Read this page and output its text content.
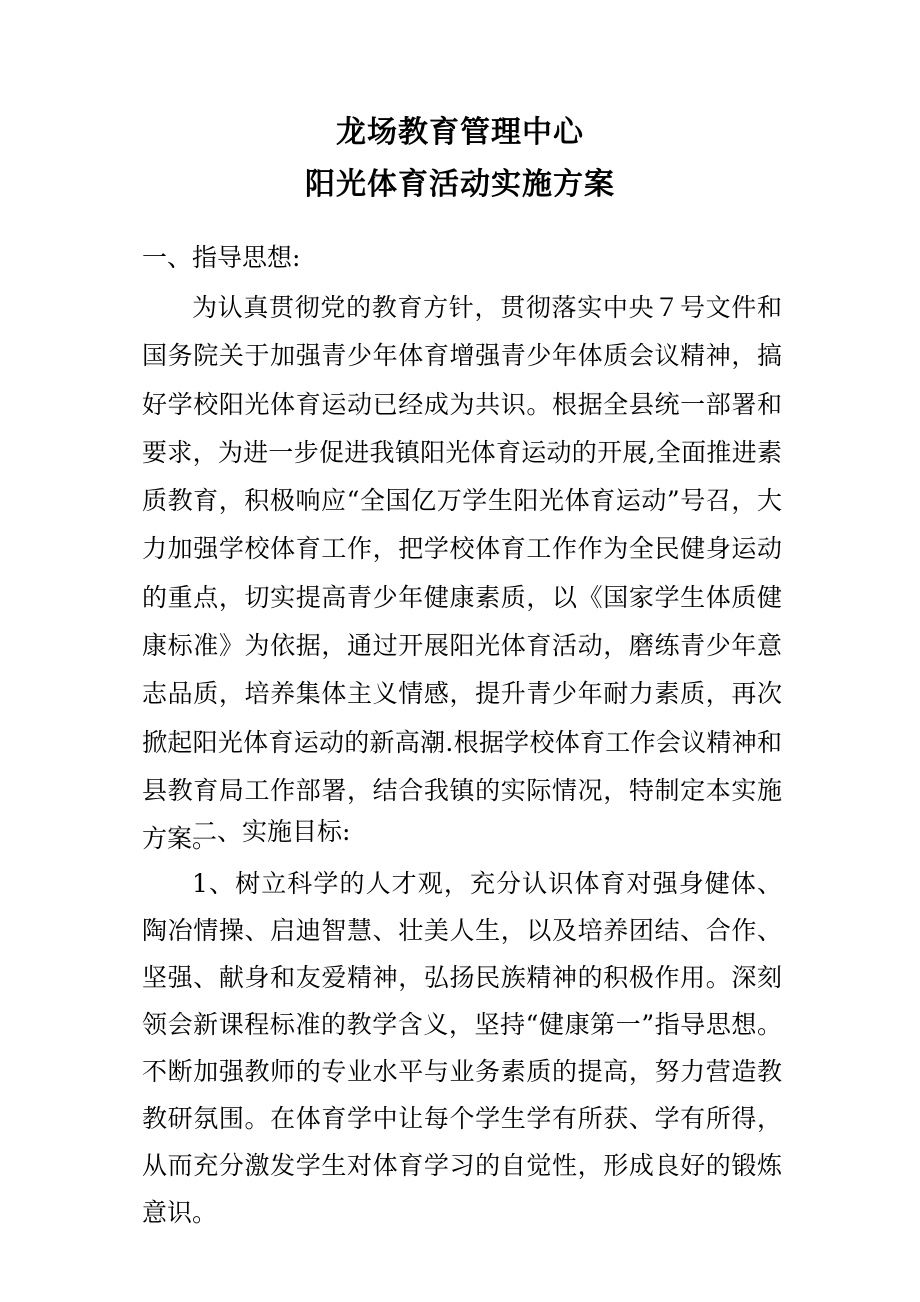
龙场教育管理中心
阳光体育活动实施方案
一、指导思想:
为认真贯彻党的教育方针，贯彻落实中央７号文件和国务院关于加强青少年体育增强青少年体质会议精神，搞好学校阳光体育运动已经成为共识。根据全县统一部署和要求，为进一步促进我镇阳光体育运动的开展,全面推进素质教育，积极响应“全国亿万学生阳光体育运动”号召，大力加强学校体育工作，把学校体育工作作为全民健身运动的重点，切实提高青少年健康素质，以《国家学生体质健康标准》为依据，通过开展阳光体育活动，磨练青少年意志品质，培养集体主义情感，提升青少年耐力素质，再次掀起阳光体育运动的新高潮.根据学校体育工作会议精神和县教育局工作部署，结合我镇的实际情况，特制定本实施方案。
二、实施目标:
1、树立科学的人才观，充分认识体育对强身健体、陶冶情操、启迪智慧、壮美人生，以及培养团结、合作、坚强、献身和友爱精神，弘扬民族精神的积极作用。深刻领会新课程标准的教学含义，坚持“健康第一”指导思想。不断加强教师的专业水平与业务素质的提高，努力营造教教研氛围。在体育学中让每个学生学有所获、学有所得，从而充分激发学生对体育学习的自觉性，形成良好的锻炼意识。
